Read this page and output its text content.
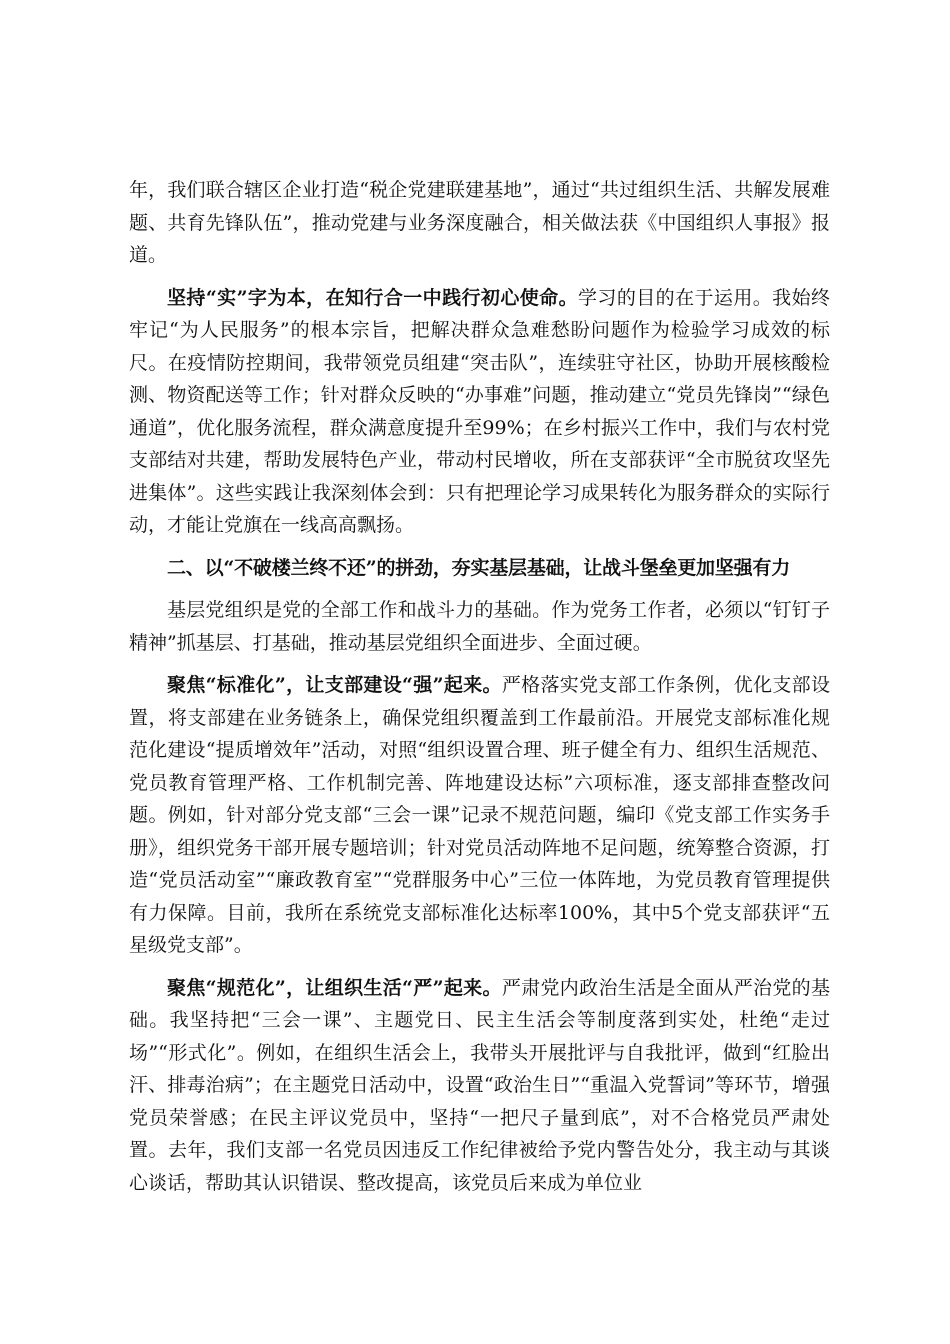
年，我们联合辖区企业打造“税企党建联建基地”，通过“共过组织生活、共解发展难题、共育先锋队伍”，推动党建与业务深度融合，相关做法获《中国组织人事报》报道。

坚持“实”字为本，在知行合一中践行初心使命。学习的目的在于运用。我始终牢记“为人民服务”的根本宗旨，把解决群众急难愁盼问题作为检验学习成效的标尺。在疫情防控期间，我带领党员组建“突击队”，连续驻守社区，协助开展核酸检测、物资配送等工作；针对群众反映的“办事难”问题，推动建立“党员先锋岗”“绿色通道”，优化服务流程，群众满意度提升至99%；在乡村振兴工作中，我们与农村党支部结对共建，帮助发展特色产业，带动村民增收，所在支部获评“全市脱贫攻坚先进集体”。这些实践让我深刻体会到：只有把理论学习成果转化为服务群众的实际行动，才能让党旗在一线高高飘扬。

二、以“不破楼兰终不还”的拼劲，夯实基层基础，让战斗堡垒更加坚强有力

基层党组织是党的全部工作和战斗力的基础。作为党务工作者，必须以“钉钉子精神”抓基层、打基础，推动基层党组织全面进步、全面过硬。

聚焦“标准化”，让支部建设“强”起来。严格落实党支部工作条例，优化支部设置，将支部建在业务链条上，确保党组织覆盖到工作最前沿。开展党支部标准化规范化建设“提质增效年”活动，对照“组织设置合理、班子健全有力、组织生活规范、党员教育管理严格、工作机制完善、阵地建设达标”六项标准，逐支部排查整改问题。例如，针对部分党支部“三会一课”记录不规范问题，编印《党支部工作实务手册》，组织党务干部开展专题培训；针对党员活动阵地不足问题，统筹整合资源，打造“党员活动室”“廉政教育室”“党群服务中心”三位一体阵地，为党员教育管理提供有力保障。目前，我所在系统党支部标准化达标率100%，其中5个党支部获评“五星级党支部”。

聚焦“规范化”，让组织生活“严”起来。严肃党内政治生活是全面从严治党的基础。我坚持把“三会一课”、主题党日、民主生活会等制度落到实处，杜绝“走过场”“形式化”。例如，在组织生活会上，我带头开展批评与自我批评，做到“红脸出汗、排毒治病”；在主题党日活动中，设置“政治生日”“重温入党誓词”等环节，增强党员荣誉感；在民主评议党员中，坚持“一把尺子量到底”，对不合格党员严肃处置。去年，我们支部一名党员因违反工作纪律被给予党内警告处分，我主动与其谈心谈话，帮助其认识错误、整改提高，该党员后来成为单位业
